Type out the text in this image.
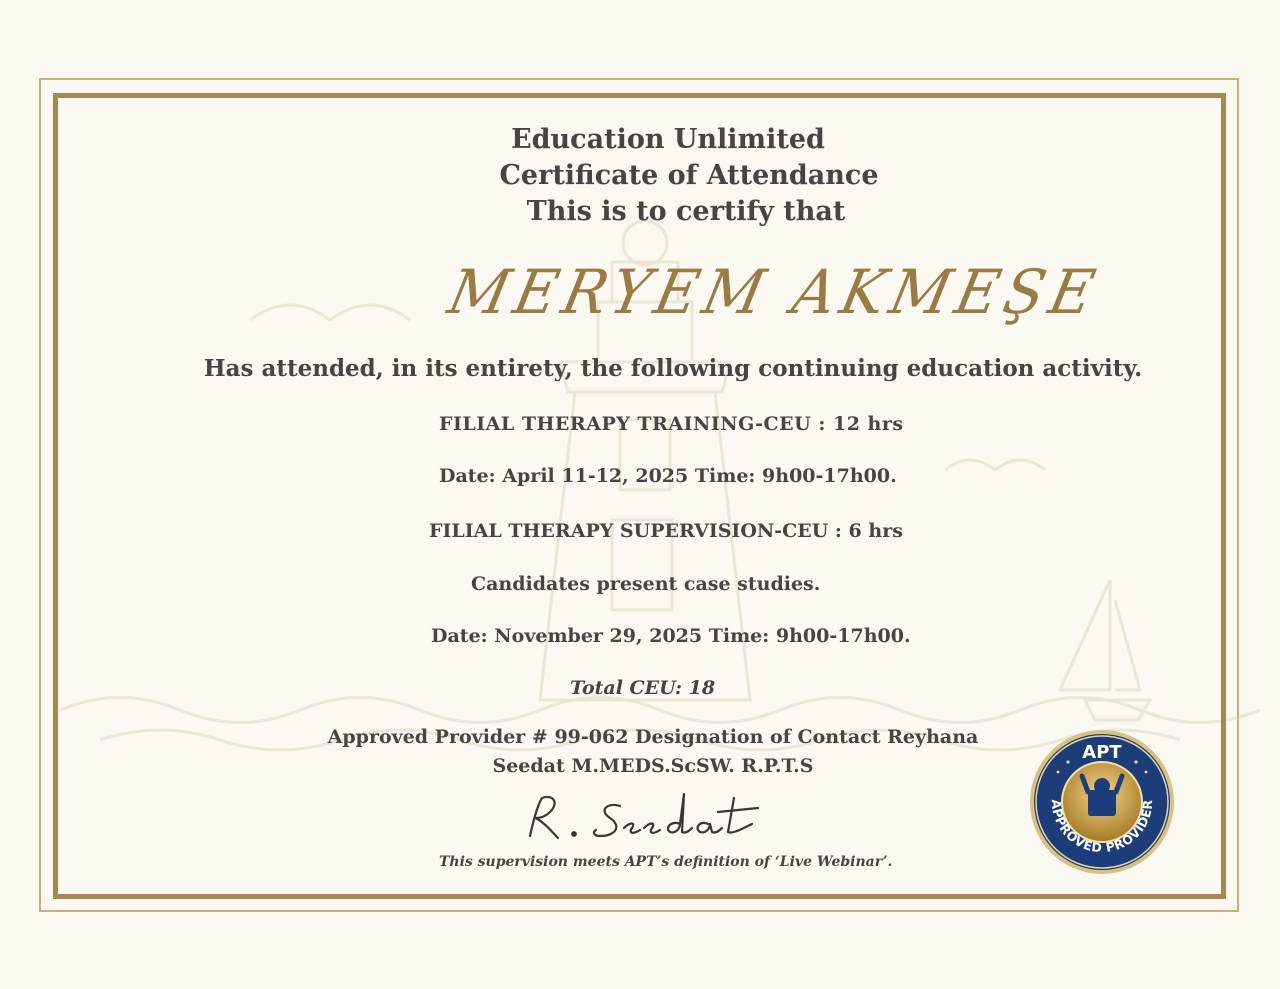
Education Unlimited
Certificate of Attendance
This is to certify that
MERYEM AKMEŞE
Has attended, in its entirety, the following continuing education activity.
FILIAL THERAPY TRAINING-CEU : 12 hrs
Date: April 11-12, 2025 Time: 9h00-17h00.
FILIAL THERAPY SUPERVISION-CEU : 6 hrs
Candidates present case studies.
Date: November 29, 2025 Time: 9h00-17h00.
Total CEU: 18
Approved Provider # 99-062 Designation of Contact Reyhana
Seedat M.MEDS.ScSW. R.P.T.S
This supervision meets APT’s definition of ‘Live Webinar’.
APT
APPROVED PROVIDER
